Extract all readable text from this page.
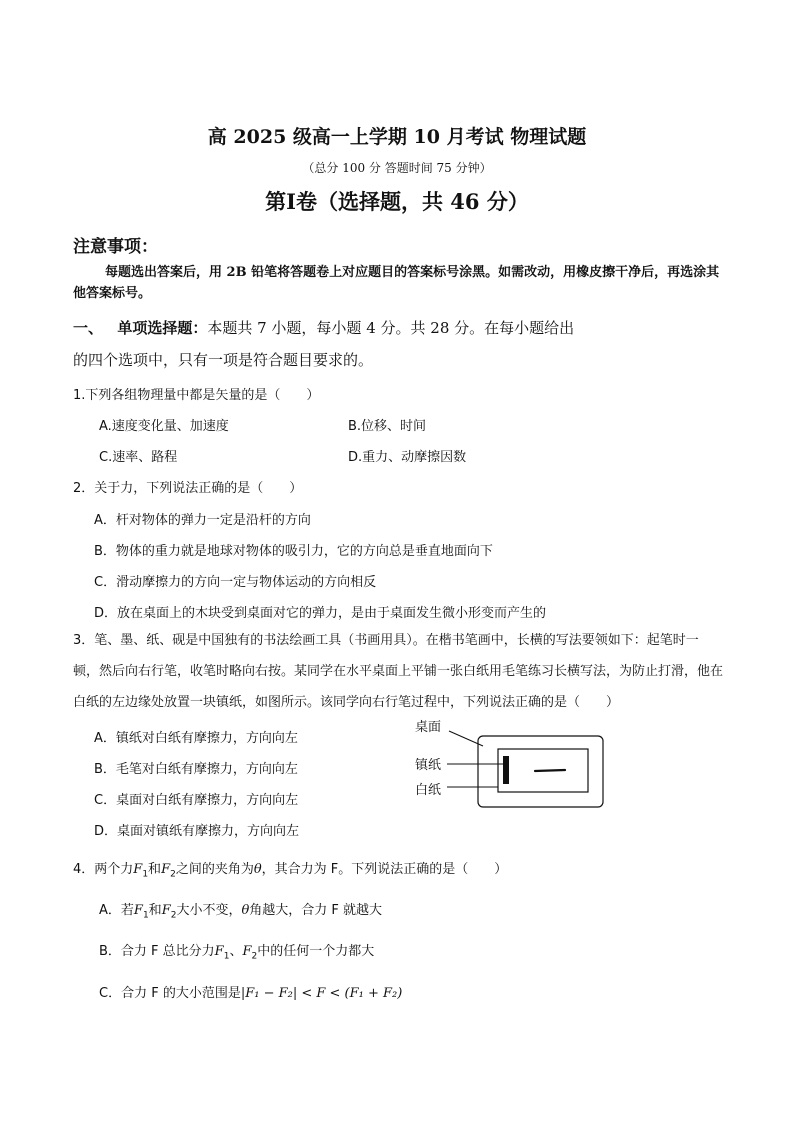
高 2025 级高一上学期 10 月考试 物理试题
（总分 100 分 答题时间 75 分钟）
第Ⅰ卷（选择题，共 46 分）
注意事项：
每题选出答案后，用 2B 铅笔将答题卷上对应题目的答案标号涂黑。如需改动，用橡皮擦干净后，再选涂其他答案标号。
一、 单项选择题：本题共 7 小题，每小题 4 分。共 28 分。在每小题给出
的四个选项中，只有一项是符合题目要求的。
1.下列各组物理量中都是矢量的是（　　）
A.速度变化量、加速度	B.位移、时间
C.速率、路程	D.重力、动摩擦因数
2．关于力，下列说法正确的是（　　）
A．杆对物体的弹力一定是沿杆的方向
B．物体的重力就是地球对物体的吸引力，它的方向总是垂直地面向下
C．滑动摩擦力的方向一定与物体运动的方向相反
D．放在桌面上的木块受到桌面对它的弹力，是由于桌面发生微小形变而产生的
3．笔、墨、纸、砚是中国独有的书法绘画工具（书画用具）。在楷书笔画中，长横的写法要领如下：起笔时一顿，然后向右行笔，收笔时略向右按。某同学在水平桌面上平铺一张白纸用毛笔练习长横写法，为防止打滑，他在白纸的左边缘处放置一块镇纸，如图所示。该同学向右行笔过程中，下列说法正确的是（　　）
A．镇纸对白纸有摩擦力，方向向左
B．毛笔对白纸有摩擦力，方向向左
C．桌面对白纸有摩擦力，方向向左
D．桌面对镇纸有摩擦力，方向向左
桌面
镇纸
白纸
4．两个力$F_1$和$F_2$之间的夹角为θ，其合力为 F。下列说法正确的是（　　）
A．若$F_1$和$F_2$大小不变，θ角越大，合力 F 就越大
B．合力 F 总比分力$F_1$、$F_2$中的任何一个力都大
C．合力 F 的大小范围是|F₁ − F₂| < F < (F₁ + F₂)
